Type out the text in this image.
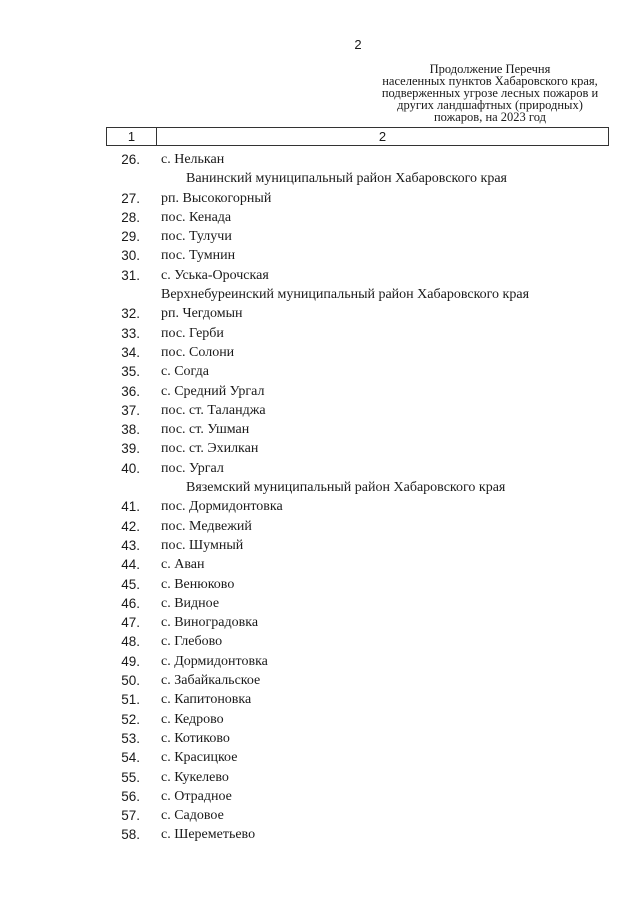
2
Продолжение Перечня
населенных пунктов Хабаровского края,
подверженных угрозе лесных пожаров и
других ландшафтных (природных)
пожаров, на 2023 год
1	2
26. с. Нелькан
Ванинский муниципальный район Хабаровского края
27. рп. Высокогорный
28. пос. Кенада
29. пос. Тулучи
30. пос. Тумнин
31. с. Уська-Орочская
Верхнебуреинский муниципальный район Хабаровского края
32. рп. Чегдомын
33. пос. Герби
34. пос. Солони
35. с. Согда
36. с. Средний Ургал
37. пос. ст. Таланджа
38. пос. ст. Ушман
39. пос. ст. Эхилкан
40. пос. Ургал
Вяземский муниципальный район Хабаровского края
41. пос. Дормидонтовка
42. пос. Медвежий
43. пос. Шумный
44. с. Аван
45. с. Венюково
46. с. Видное
47. с. Виноградовка
48. с. Глебово
49. с. Дормидонтовка
50. с. Забайкальское
51. с. Капитоновка
52. с. Кедрово
53. с. Котиково
54. с. Красицкое
55. с. Кукелево
56. с. Отрадное
57. с. Садовое
58. с. Шереметьево
